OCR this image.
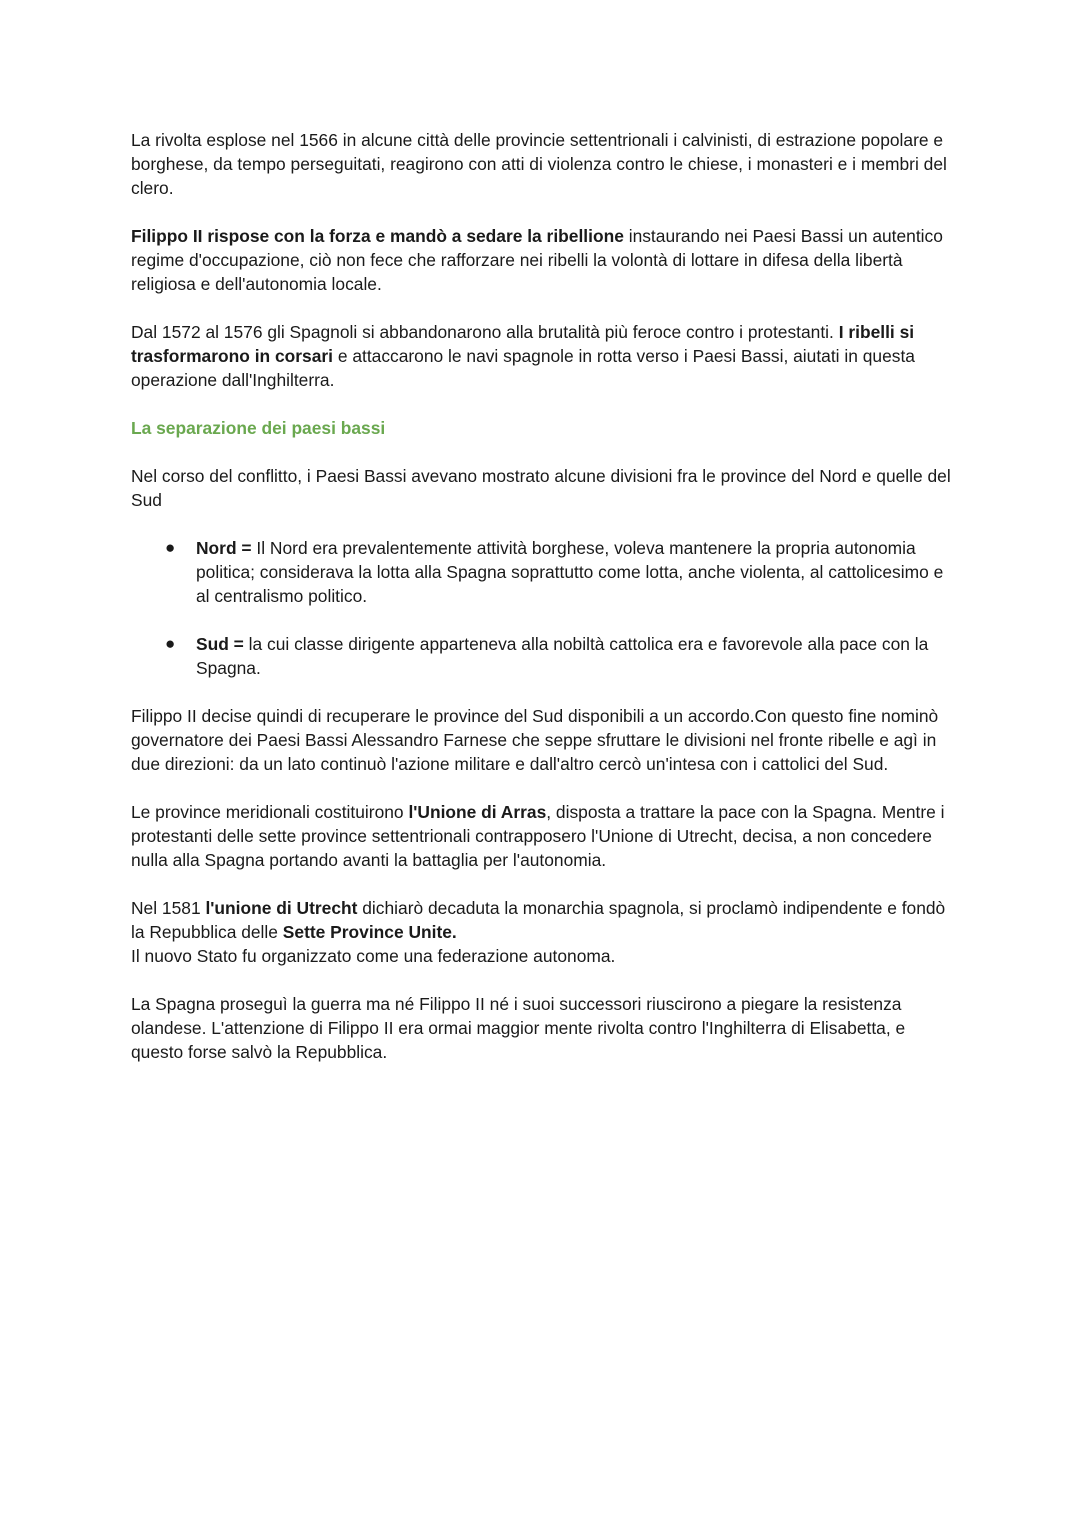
La rivolta esplose nel 1566 in alcune città delle provincie settentrionali i calvinisti, di estrazione popolare e borghese, da tempo perseguitati, reagirono con atti di violenza contro le chiese, i monasteri e i membri del clero.

Filippo II rispose con la forza e mandò a sedare la ribellione instaurando nei Paesi Bassi un autentico regime d'occupazione, ciò non fece che rafforzare nei ribelli la volontà di lottare in difesa della libertà religiosa e dell'autonomia locale.

Dal 1572 al 1576 gli Spagnoli si abbandonarono alla brutalità più feroce contro i protestanti. I ribelli si trasformarono in corsari e attaccarono le navi spagnole in rotta verso i Paesi Bassi, aiutati in questa operazione dall'Inghilterra.

La separazione dei paesi bassi

Nel corso del conflitto, i Paesi Bassi avevano mostrato alcune divisioni fra le province del Nord e quelle del Sud

● Nord = Il Nord era prevalentemente attività borghese, voleva mantenere la propria autonomia politica; considerava la lotta alla Spagna soprattutto come lotta, anche violenta, al cattolicesimo e al centralismo politico.
● Sud = la cui classe dirigente apparteneva alla nobiltà cattolica era e favorevole alla pace con la Spagna.

Filippo II decise quindi di recuperare le province del Sud disponibili a un accordo.Con questo fine nominò governatore dei Paesi Bassi Alessandro Farnese che seppe sfruttare le divisioni nel fronte ribelle e agì in due direzioni: da un lato continuò l'azione militare e dall'altro cercò un'intesa con i cattolici del Sud.

Le province meridionali costituirono l'Unione di Arras, disposta a trattare la pace con la Spagna. Mentre i protestanti delle sette province settentrionali contrapposero l'Unione di Utrecht, decisa, a non concedere nulla alla Spagna portando avanti la battaglia per l'autonomia.

Nel 1581 l'unione di Utrecht dichiarò decaduta la monarchia spagnola, si proclamò indipendente e fondò la Repubblica delle Sette Province Unite.
Il nuovo Stato fu organizzato come una federazione autonoma.

La Spagna proseguì la guerra ma né Filippo II né i suoi successori riuscirono a piegare la resistenza olandese. L'attenzione di Filippo II era ormai maggior mente rivolta contro l'Inghilterra di Elisabetta, e questo forse salvò la Repubblica.
